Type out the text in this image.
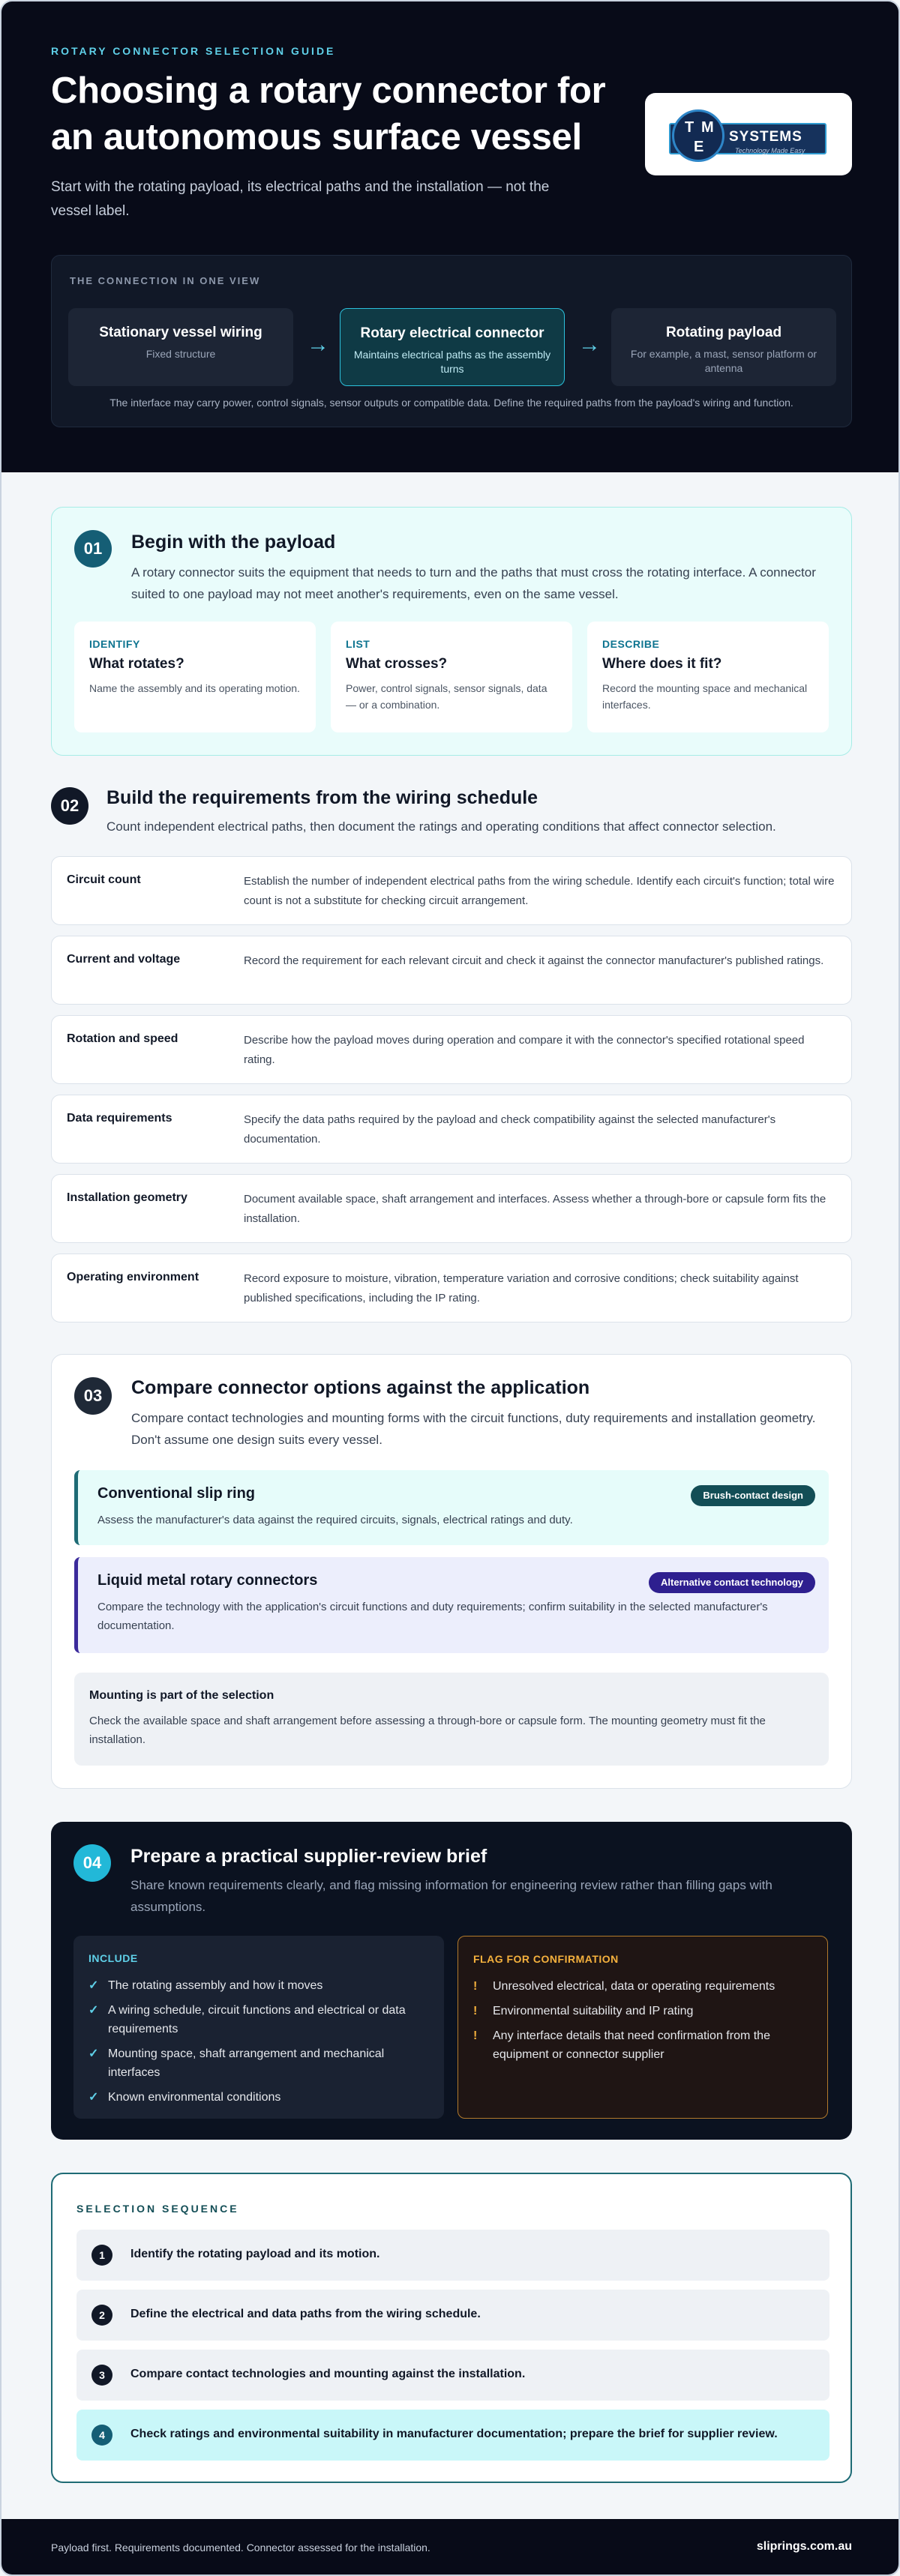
ROTARY CONNECTOR SELECTION GUIDE
Choosing a rotary connector for an autonomous surface vessel

Start with the rotating payload, its electrical paths and the installation — not the vessel label.

T M
E
SYSTEMS
Technology Made Easy
THE CONNECTION IN ONE VIEW
Stationary vessel wiring
Fixed structure	→	Rotary electrical connector
Maintains electrical paths as the assembly turns
→	Rotating payload
For example, a mast, sensor platform or antenna
The interface may carry power, control signals, sensor outputs or compatible data. Define the required paths from the payload's wiring and function.
01	Begin with the payload
A rotary connector suits the equipment that needs to turn and the paths that must cross the rotating interface. A connector suited to one payload may not meet another's requirements, even on the same vessel.
IDENTIFY
What rotates?
Name the assembly and its operating motion.
LIST
What crosses?
Power, control signals, sensor signals, data — or a combination.
DESCRIBE
Where does it fit?
Record the mounting space and mechanical interfaces.
02	Build the requirements from the wiring schedule
Count independent electrical paths, then document the ratings and operating conditions that affect connector selection.
Circuit count	Establish the number of independent electrical paths from the wiring schedule. Identify each circuit's function; total wire count is not a substitute for checking circuit arrangement.
Current and voltage	Record the requirement for each relevant circuit and check it against the connector manufacturer's published ratings.
Rotation and speed	Describe how the payload moves during operation and compare it with the connector's specified rotational speed rating.
Data requirements	Specify the data paths required by the payload and check compatibility against the selected manufacturer's documentation.
Installation geometry	Document available space, shaft arrangement and interfaces. Assess whether a through-bore or capsule form fits the installation.
Operating environment	Record exposure to moisture, vibration, temperature variation and corrosive conditions; check suitability against published specifications, including the IP rating.
03	Compare connector options against the application
Compare contact technologies and mounting forms with the circuit functions, duty requirements and installation geometry. Don't assume one design suits every vessel.
Conventional slip ring	Brush-contact design
Assess the manufacturer's data against the required circuits, signals, electrical ratings and duty.
Liquid metal rotary connectors	Alternative contact technology
Compare the technology with the application's circuit functions and duty requirements; confirm suitability in the selected manufacturer's documentation.
Mounting is part of the selection
Check the available space and shaft arrangement before assessing a through-bore or capsule form. The mounting geometry must fit the installation.
04	Prepare a practical supplier-review brief
Share known requirements clearly, and flag missing information for engineering review rather than filling gaps with assumptions.
INCLUDE
✓ The rotating assembly and how it moves
✓ A wiring schedule, circuit functions and electrical or data requirements
✓ Mounting space, shaft arrangement and mechanical interfaces
✓ Known environmental conditions
FLAG FOR CONFIRMATION
! Unresolved electrical, data or operating requirements
! Environmental suitability and IP rating
! Any interface details that need confirmation from the equipment or connector supplier
SELECTION SEQUENCE
1	Identify the rotating payload and its motion.
2	Define the electrical and data paths from the wiring schedule.
3	Compare contact technologies and mounting against the installation.
4	Check ratings and environmental suitability in manufacturer documentation; prepare the brief for supplier review.
Payload first. Requirements documented. Connector assessed for the installation.	sliprings.com.au
